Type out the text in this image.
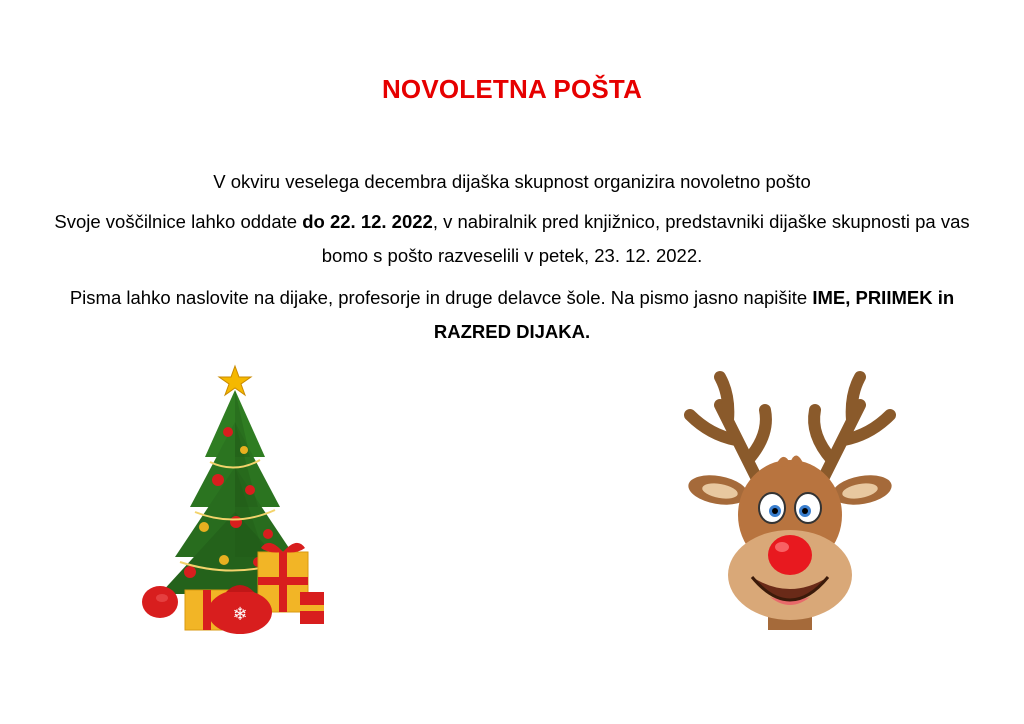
NOVOLETNA POŠTA
V okviru veselega decembra dijaška skupnost organizira novoletno pošto
Svoje voščilnice lahko oddate do 22. 12. 2022, v nabiralnik pred knjižnico, predstavniki dijaške skupnosti pa vas bomo s pošto razveselili v petek, 23. 12. 2022.
Pisma lahko naslovite na dijake, profesorje in druge delavce šole. Na pismo jasno napišite IME, PRIIMEK in RAZRED DIJAKA.
❄
